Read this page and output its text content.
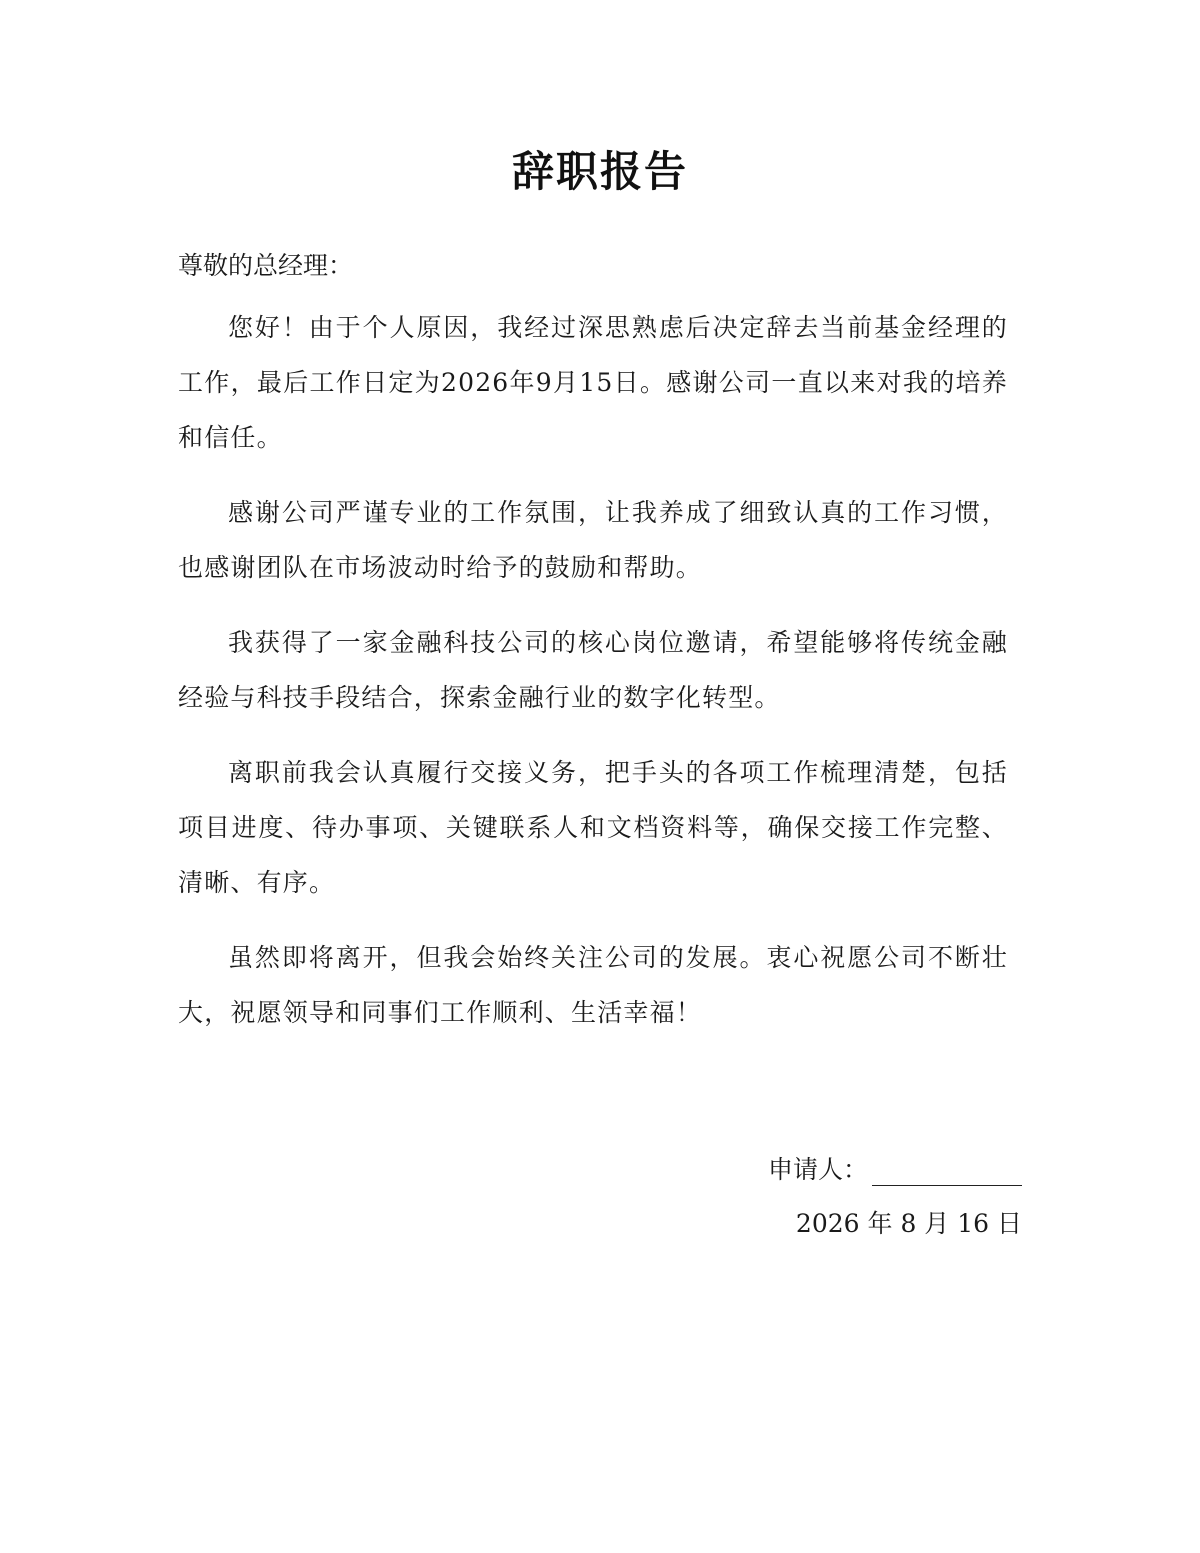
辞职报告

尊敬的总经理：

您好！由于个人原因，我经过深思熟虑后决定辞去当前基金经理的工作，最后工作日定为2026年9月15日。感谢公司一直以来对我的培养和信任。

感谢公司严谨专业的工作氛围，让我养成了细致认真的工作习惯，也感谢团队在市场波动时给予的鼓励和帮助。

我获得了一家金融科技公司的核心岗位邀请，希望能够将传统金融经验与科技手段结合，探索金融行业的数字化转型。

离职前我会认真履行交接义务，把手头的各项工作梳理清楚，包括项目进度、待办事项、关键联系人和文档资料等，确保交接工作完整、清晰、有序。

虽然即将离开，但我会始终关注公司的发展。衷心祝愿公司不断壮大，祝愿领导和同事们工作顺利、生活幸福！

申请人：
2026 年 8 月 16 日
